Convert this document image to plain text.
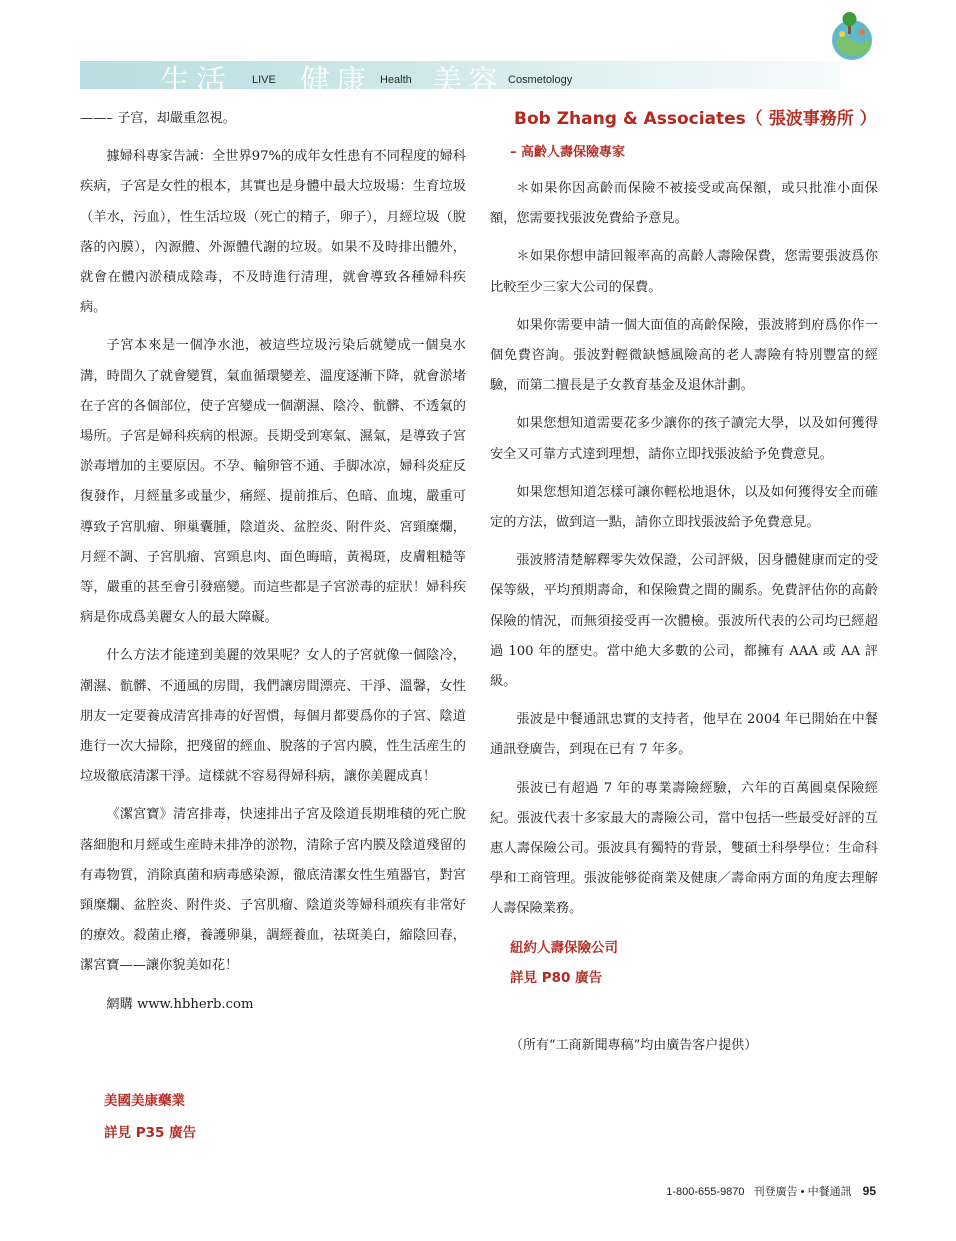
生活 LIVE 健康 Health 美容 Cosmetology

——– 子宫，却嚴重忽視。

據婦科專家告誡：全世界97%的成年女性患有不同程度的婦科疾病，子宮是女性的根本，其實也是身體中最大垃圾場：生育垃圾（羊水，污血），性生活垃圾（死亡的精子，卵子），月經垃圾（脫落的內膜），內源體、外源體代謝的垃圾。如果不及時排出體外，就會在體內淤積成陰毒，不及時進行清理，就會導致各種婦科疾病。

子宮本來是一個净水池，被這些垃圾污染后就變成一個臭水溝，時間久了就會變質，氣血循環變差、溫度逐漸下降，就會淤堵在子宮的各個部位，使子宮變成一個潮濕、陰冷、骯髒、不透氣的場所。子宮是婦科疾病的根源。長期受到寒氣、濕氣，是導致子宮淤毒增加的主要原因。不孕、輸卵管不通、手脚冰凉，婦科炎症反復發作，月經量多或量少，痛經、提前推后、色暗、血塊，嚴重可導致子宮肌瘤、卵巢囊腫，陰道炎、盆腔炎、附件炎、宮頸糜爛，月經不調、子宮肌瘤、宮頸息肉、面色晦暗，黃褐斑，皮膚粗糙等等，嚴重的甚至會引發癌變。而這些都是子宮淤毒的症狀！婦科疾病是你成爲美麗女人的最大障礙。

什么方法才能達到美麗的效果呢？女人的子宮就像一個陰冷，潮濕、骯髒、不通風的房間，我們讓房間漂亮、干淨、溫馨，女性朋友一定要養成清宮排毒的好習慣，每個月都要爲你的子宮、陰道進行一次大掃除，把殘留的經血、脫落的子宮内膜，性生活産生的垃圾徹底清潔干淨。這樣就不容易得婦科病，讓你美麗成真！

《潔宮寶》清宮排毒，快速排出子宮及陰道長期堆積的死亡脫落細胞和月經或生産時未排净的淤物，清除子宮内膜及陰道殘留的有毒物質，消除真菌和病毒感染源，徹底清潔女性生殖器官，對宮頸糜爛、盆腔炎、附件炎、子宮肌瘤、陰道炎等婦科頑疾有非常好的療效。殺菌止癢，養護卵巢，調經養血，祛斑美白，縮陰回春，潔宮寶——讓你貌美如花！

網購 www.hbherb.com

美國美康藥業
詳見 P35 廣告
Bob Zhang & Associates（ 張波事務所 ）
– 高齡人壽保險專家

＊如果你因高齡而保險不被接受或高保額，或只批准小面保額，您需要找張波免費給予意見。

＊如果你想申請回報率高的高齡人壽險保費，您需要張波爲你比較至少三家大公司的保費。

如果你需要申請一個大面值的高齡保險，張波將到府爲你作一個免費咨詢。張波對輕微缺憾風險高的老人壽險有特別豐富的經驗，而第二擅長是子女教育基金及退休計劃。

如果您想知道需要花多少讓你的孩子讀完大學，以及如何獲得安全又可靠方式達到理想，請你立即找張波給予免費意見。

如果您想知道怎樣可讓你輕松地退休，以及如何獲得安全而確定的方法，做到這一點，請你立即找張波給予免費意見。

張波將清楚解釋零失效保證，公司評級，因身體健康而定的受保等級，平均預期壽命，和保險費之間的關系。免費評估你的高齡保險的情況，而無須接受再一次體檢。張波所代表的公司均已經超過 100 年的歷史。當中絶大多數的公司，都擁有 AAA 或 AA 評級。

張波是中餐通訊忠實的支持者，他早在 2004 年已開始在中餐通訊登廣告，到現在已有 7 年多。

張波已有超過 7 年的專業壽險經驗，六年的百萬圓桌保險經紀。張波代表十多家最大的壽險公司，當中包括一些最受好評的互惠人壽保險公司。張波具有獨特的背景，雙碩士科學學位：生命科學和工商管理。張波能够從商業及健康／壽命兩方面的角度去理解人壽保險業務。

紐約人壽保險公司
詳見 P80 廣告
（所有“工商新聞專稿”均由廣告客户提供）
1-800-655-9870 刊登廣告 • 中餐通訊 95
